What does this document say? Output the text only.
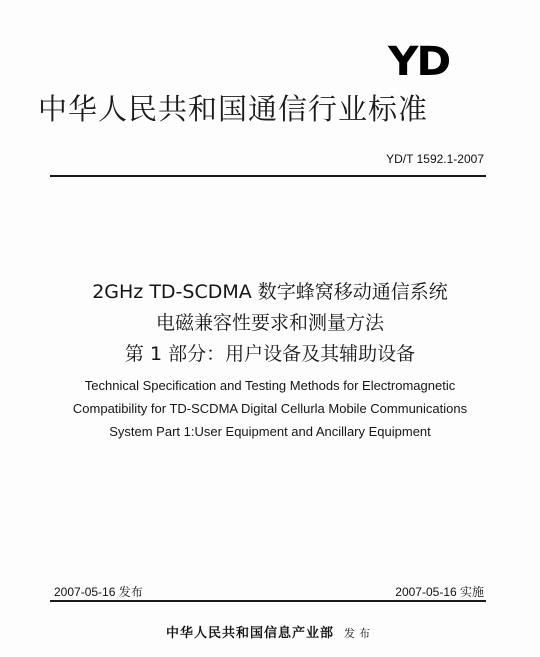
YD
中华人民共和国通信行业标准
YD/T 1592.1-2007
2GHz TD-SCDMA 数字蜂窝移动通信系统
电磁兼容性要求和测量方法
第 1 部分：用户设备及其辅助设备
Technical Specification and Testing Methods for Electromagnetic
Compatibility for TD-SCDMA Digital Cellurla Mobile Communications
System Part 1:User Equipment and Ancillary Equipment
2007-05-16 发布	2007-05-16 实施
中华人民共和国信息产业部 发布
